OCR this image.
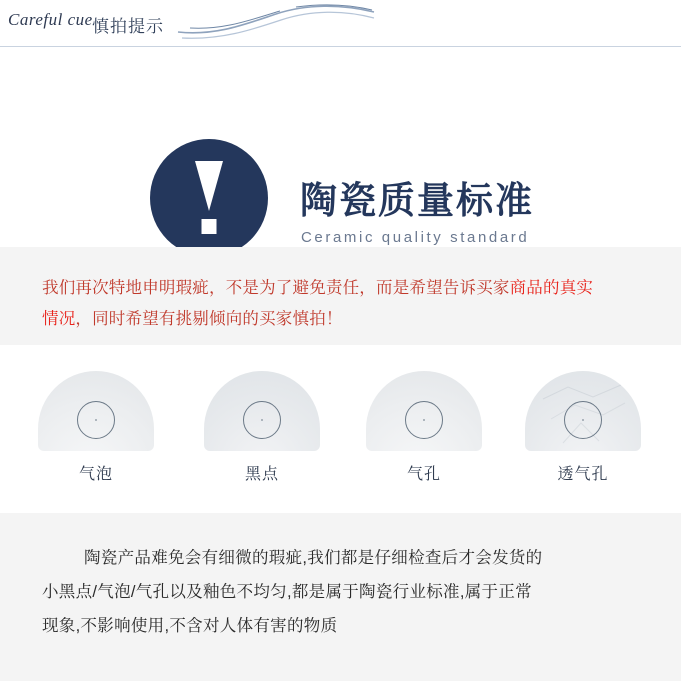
Careful cue 慎拍提示
陶瓷质量标准
Ceramic quality standard
我们再次特地申明瑕疵，不是为了避免责任，而是希望告诉买家商品的真实
情况，同时希望有挑剔倾向的买家慎拍！
气泡	黑点	气孔	透气孔
陶瓷产品难免会有细微的瑕疵,我们都是仔细检查后才会发货的
小黑点/气泡/气孔以及釉色不均匀,都是属于陶瓷行业标准,属于正常
现象,不影响使用,不含对人体有害的物质
